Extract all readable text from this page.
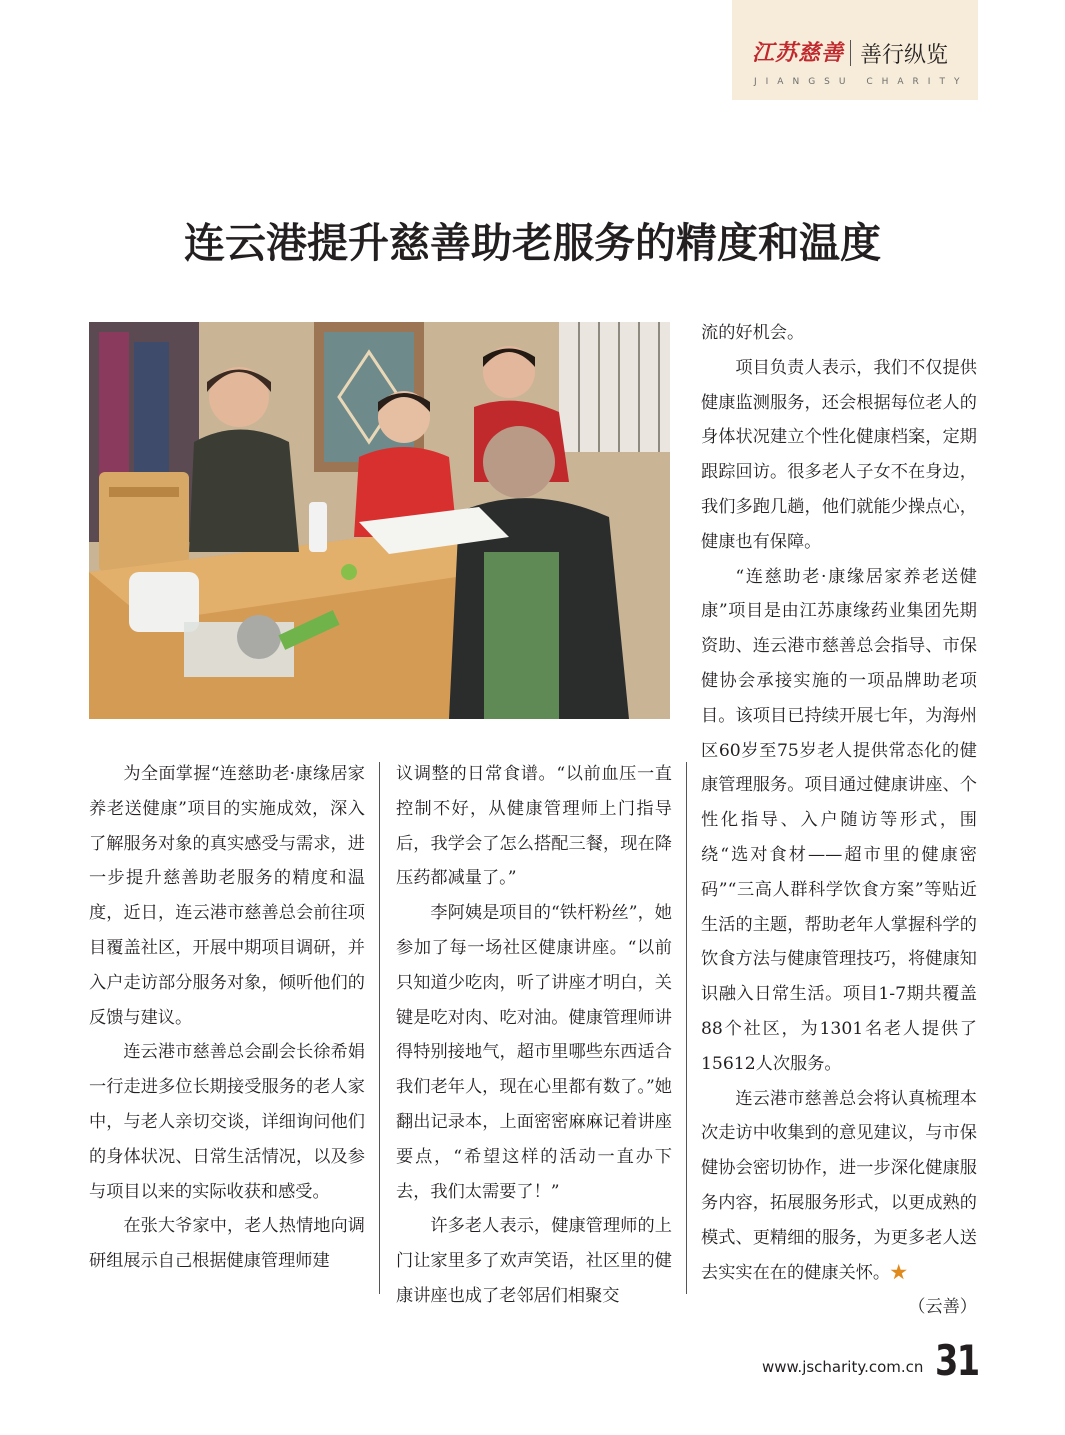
江苏慈善 善行纵览
JIANGSU CHARITY
连云港提升慈善助老服务的精度和温度

为全面掌握“连慈助老·康缘居家养老送健康”项目的实施成效，深入了解服务对象的真实感受与需求，进一步提升慈善助老服务的精度和温度，近日，连云港市慈善总会前往项目覆盖社区，开展中期项目调研，并入户走访部分服务对象，倾听他们的反馈与建议。

连云港市慈善总会副会长徐希娟一行走进多位长期接受服务的老人家中，与老人亲切交谈，详细询问他们的身体状况、日常生活情况，以及参与项目以来的实际收获和感受。

在张大爷家中，老人热情地向调研组展示自己根据健康管理师建

议调整的日常食谱。“以前血压一直控制不好，从健康管理师上门指导后，我学会了怎么搭配三餐，现在降压药都减量了。”

李阿姨是项目的“铁杆粉丝”，她参加了每一场社区健康讲座。“以前只知道少吃肉，听了讲座才明白，关键是吃对肉、吃对油。健康管理师讲得特别接地气，超市里哪些东西适合我们老年人，现在心里都有数了。”她翻出记录本，上面密密麻麻记着讲座要点，“希望这样的活动一直办下去，我们太需要了！”

许多老人表示，健康管理师的上门让家里多了欢声笑语，社区里的健康讲座也成了老邻居们相聚交

流的好机会。

项目负责人表示，我们不仅提供健康监测服务，还会根据每位老人的身体状况建立个性化健康档案，定期跟踪回访。很多老人子女不在身边，我们多跑几趟，他们就能少操点心，健康也有保障。

“连慈助老·康缘居家养老送健康”项目是由江苏康缘药业集团先期资助、连云港市慈善总会指导、市保健协会承接实施的一项品牌助老项目。该项目已持续开展七年，为海州区60岁至75岁老人提供常态化的健康管理服务。项目通过健康讲座、个性化指导、入户随访等形式，围绕“选对食材——超市里的健康密码”“三高人群科学饮食方案”等贴近生活的主题，帮助老年人掌握科学的饮食方法与健康管理技巧，将健康知识融入日常生活。项目1-7期共覆盖88个社区，为1301名老人提供了15612人次服务。

连云港市慈善总会将认真梳理本次走访中收集到的意见建议，与市保健协会密切协作，进一步深化健康服务内容，拓展服务形式，以更成熟的模式、更精细的服务，为更多老人送去实实在在的健康关怀。★
（云善）

www.jscharity.com.cn 31
